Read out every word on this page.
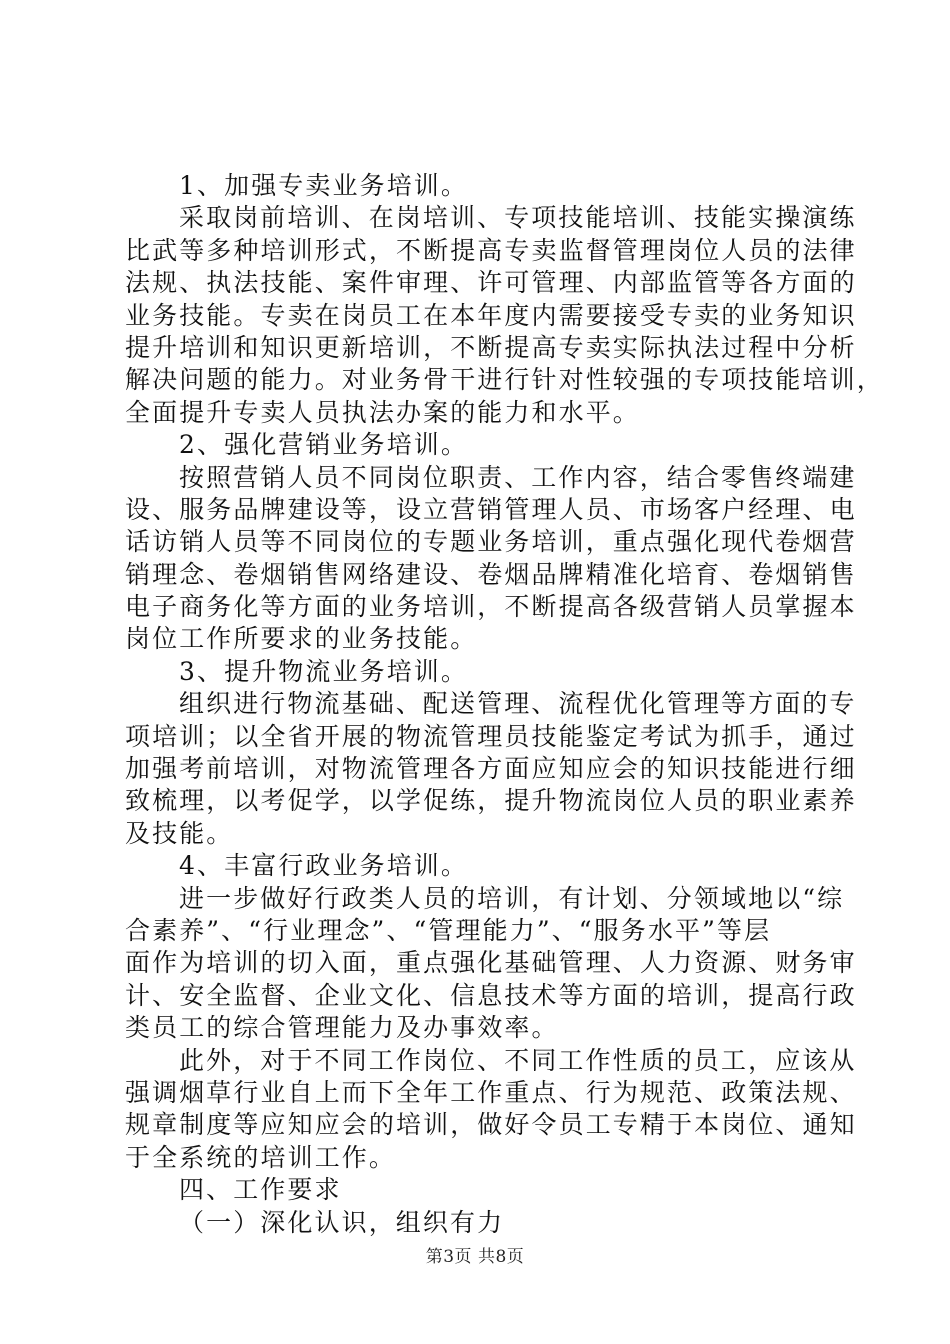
1、加强专卖业务培训。
采取岗前培训、在岗培训、专项技能培训、技能实操演练
比武等多种培训形式，不断提高专卖监督管理岗位人员的法律
法规、执法技能、案件审理、许可管理、内部监管等各方面的
业务技能。专卖在岗员工在本年度内需要接受专卖的业务知识
提升培训和知识更新培训，不断提高专卖实际执法过程中分析
解决问题的能力。对业务骨干进行针对性较强的专项技能培训，
全面提升专卖人员执法办案的能力和水平。
2、强化营销业务培训。
按照营销人员不同岗位职责、工作内容，结合零售终端建
设、服务品牌建设等，设立营销管理人员、市场客户经理、电
话访销人员等不同岗位的专题业务培训，重点强化现代卷烟营
销理念、卷烟销售网络建设、卷烟品牌精准化培育、卷烟销售
电子商务化等方面的业务培训，不断提高各级营销人员掌握本
岗位工作所要求的业务技能。
3、提升物流业务培训。
组织进行物流基础、配送管理、流程优化管理等方面的专
项培训；以全省开展的物流管理员技能鉴定考试为抓手，通过
加强考前培训，对物流管理各方面应知应会的知识技能进行细
致梳理，以考促学，以学促练，提升物流岗位人员的职业素养
及技能。
4、丰富行政业务培训。
进一步做好行政类人员的培训，有计划、分领域地以“综
合素养”、“行业理念”、“管理能力”、“服务水平”等层
面作为培训的切入面，重点强化基础管理、人力资源、财务审
计、安全监督、企业文化、信息技术等方面的培训，提高行政
类员工的综合管理能力及办事效率。
此外，对于不同工作岗位、不同工作性质的员工，应该从
强调烟草行业自上而下全年工作重点、行为规范、政策法规、
规章制度等应知应会的培训，做好令员工专精于本岗位、通知
于全系统的培训工作。
四、工作要求
（一）深化认识，组织有力
第3页 共8页
